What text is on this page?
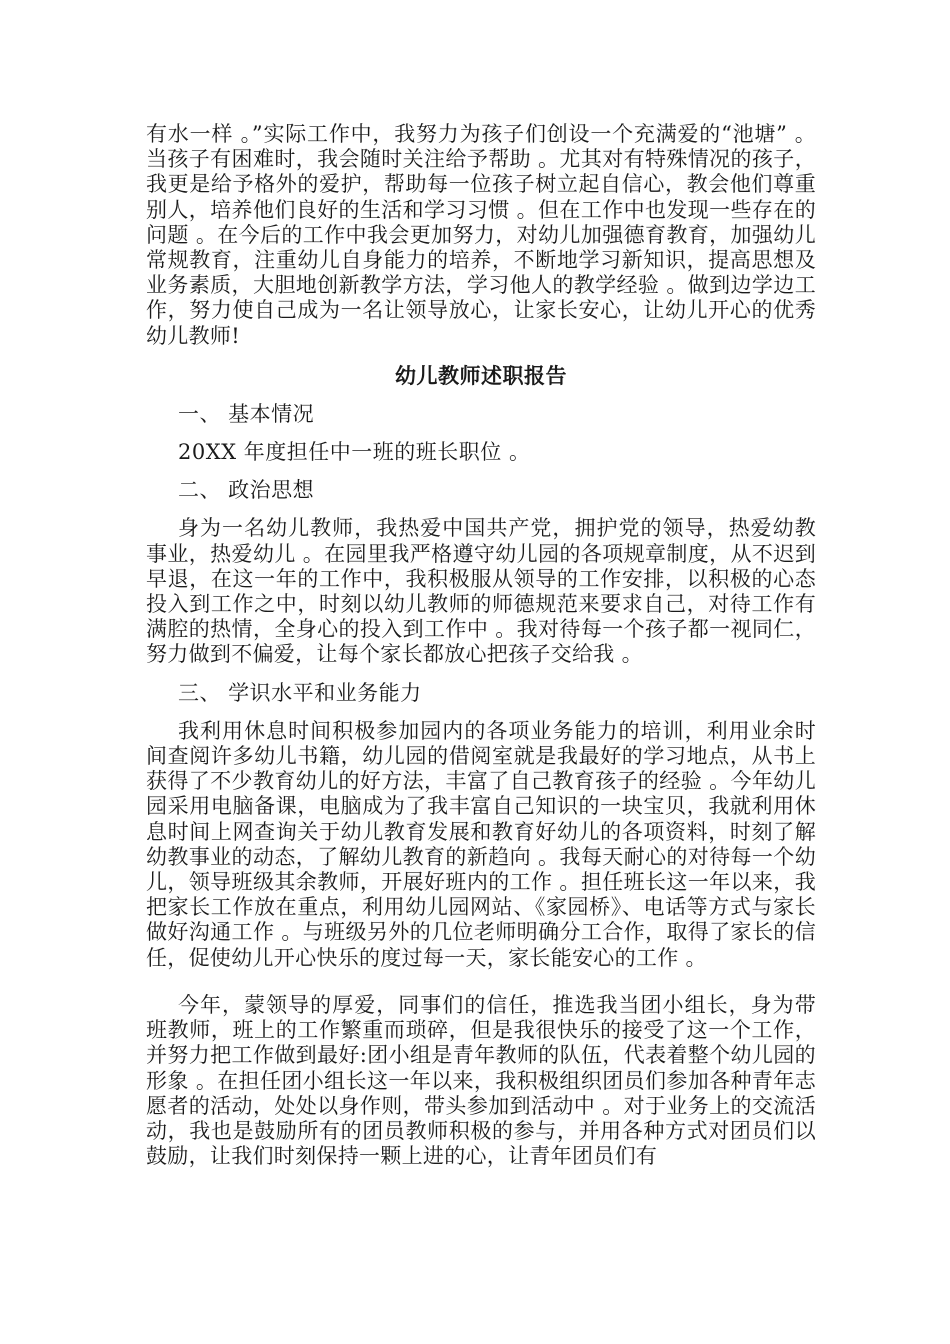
有水一样 。”实际工作中，我努力为孩子们创设一个充满爱的“池塘” 。当孩子有困难时，我会随时关注给予帮助 。尤其对有特殊情况的孩子，我更是给予格外的爱护，帮助每一位孩子树立起自信心，教会他们尊重别人，培养他们良好的生活和学习习惯 。但在工作中也发现一些存在的问题 。在今后的工作中我会更加努力，对幼儿加强德育教育，加强幼儿常规教育，注重幼儿自身能力的培养，不断地学习新知识，提高思想及业务素质，大胆地创新教学方法，学习他人的教学经验 。做到边学边工作，努力使自己成为一名让领导放心，让家长安心，让幼儿开心的优秀幼儿教师!

幼儿教师述职报告

一、 基本情况

20XX 年度担任中一班的班长职位 。

二、 政治思想

身为一名幼儿教师，我热爱中国共产党，拥护党的领导，热爱幼教事业，热爱幼儿 。在园里我严格遵守幼儿园的各项规章制度，从不迟到早退，在这一年的工作中，我积极服从领导的工作安排，以积极的心态投入到工作之中，时刻以幼儿教师的师德规范来要求自己，对待工作有满腔的热情，全身心的投入到工作中 。我对待每一个孩子都一视同仁，努力做到不偏爱，让每个家长都放心把孩子交给我 。

三、 学识水平和业务能力

我利用休息时间积极参加园内的各项业务能力的培训，利用业余时间查阅许多幼儿书籍，幼儿园的借阅室就是我最好的学习地点，从书上获得了不少教育幼儿的好方法，丰富了自己教育孩子的经验 。今年幼儿园采用电脑备课，电脑成为了我丰富自己知识的一块宝贝，我就利用休息时间上网查询关于幼儿教育发展和教育好幼儿的各项资料，时刻了解幼教事业的动态，了解幼儿教育的新趋向 。我每天耐心的对待每一个幼儿，领导班级其余教师，开展好班内的工作 。担任班长这一年以来，我把家长工作放在重点，利用幼儿园网站、《家园桥》、电话等方式与家长做好沟通工作 。与班级另外的几位老师明确分工合作，取得了家长的信任，促使幼儿开心快乐的度过每一天，家长能安心的工作 。

今年，蒙领导的厚爱，同事们的信任，推选我当团小组长，身为带班教师，班上的工作繁重而琐碎，但是我很快乐的接受了这一个工作，并努力把工作做到最好:团小组是青年教师的队伍，代表着整个幼儿园的形象 。在担任团小组长这一年以来，我积极组织团员们参加各种青年志愿者的活动，处处以身作则，带头参加到活动中 。对于业务上的交流活动，我也是鼓励所有的团员教师积极的参与，并用各种方式对团员们以鼓励，让我们时刻保持一颗上进的心，让青年团员们有
